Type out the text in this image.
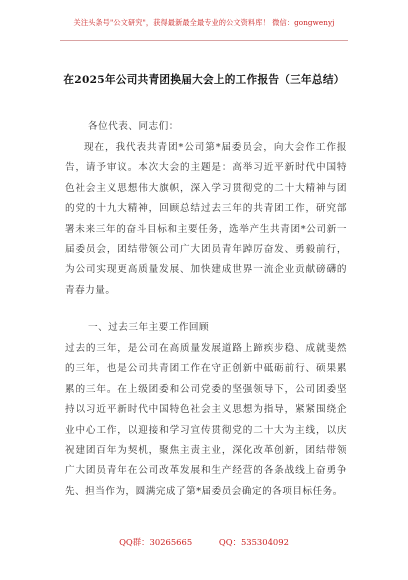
关注头条号"公文研究"，获得最新最全最专业的公文资料库！ 微信：gongwenyj
在2025年公司共青团换届大会上的工作报告（三年总结）
各位代表、同志们：
现在，我代表共青团*公司第*届委员会，向大会作工作报告，请予审议。本次大会的主题是：高举习近平新时代中国特色社会主义思想伟大旗帜，深入学习贯彻党的二十大精神与团的党的十九大精神，回顾总结过去三年的共青团工作，研究部署未来三年的奋斗目标和主要任务，选举产生共青团*公司新一届委员会，团结带领公司广大团员青年踔厉奋发、勇毅前行，为公司实现更高质量发展、加快建成世界一流企业贡献磅礴的青春力量。
一、过去三年主要工作回顾
过去的三年，是公司在高质量发展道路上蹄疾步稳、成就斐然的三年，也是公司共青团工作在守正创新中砥砺前行、硕果累累的三年。在上级团委和公司党委的坚强领导下，公司团委坚持以习近平新时代中国特色社会主义思想为指导，紧紧围绕企业中心工作，以迎接和学习宣传贯彻党的二十大为主线，以庆祝建团百年为契机，聚焦主责主业，深化改革创新，团结带领广大团员青年在公司改革发展和生产经营的各条战线上奋勇争先、担当作为，圆满完成了第*届委员会确定的各项目标任务。
QQ群：30265665	QQ：535304092
